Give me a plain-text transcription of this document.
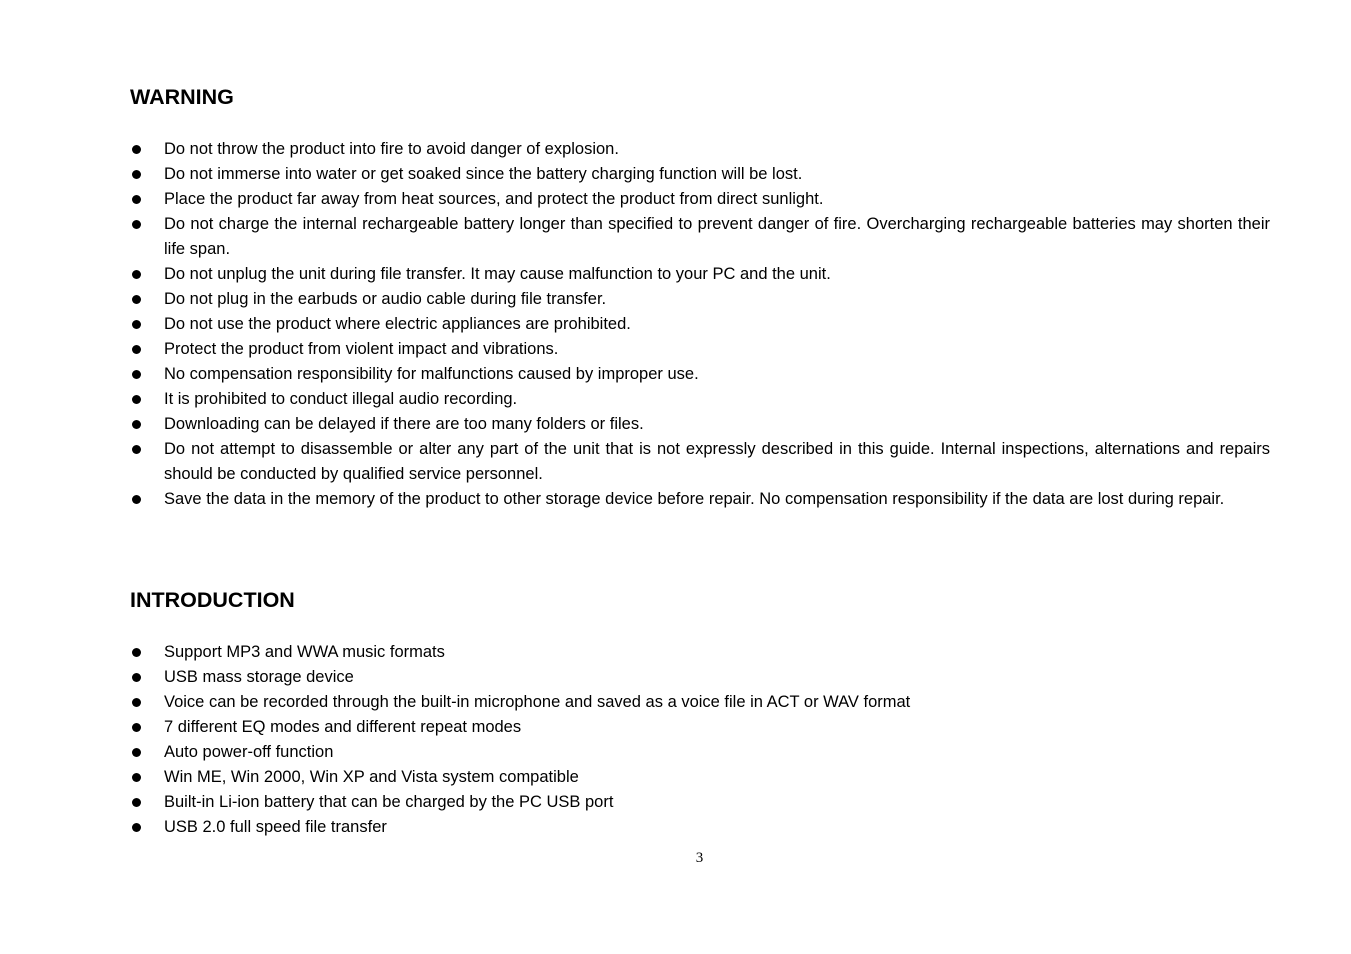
WARNING
Do not throw the product into fire to avoid danger of explosion.
Do not immerse into water or get soaked since the battery charging function will be lost.
Place the product far away from heat sources, and protect the product from direct sunlight.
Do not charge the internal rechargeable battery longer than specified to prevent danger of fire. Overcharging rechargeable batteries may shorten their life span.
Do not unplug the unit during file transfer. It may cause malfunction to your PC and the unit.
Do not plug in the earbuds or audio cable during file transfer.
Do not use the product where electric appliances are prohibited.
Protect the product from violent impact and vibrations.
No compensation responsibility for malfunctions caused by improper use.
It is prohibited to conduct illegal audio recording.
Downloading can be delayed if there are too many folders or files.
Do not attempt to disassemble or alter any part of the unit that is not expressly described in this guide. Internal inspections, alternations and repairs should be conducted by qualified service personnel.
Save the data in the memory of the product to other storage device before repair. No compensation responsibility if the data are lost during repair.
INTRODUCTION
Support MP3 and WWA music formats
USB mass storage device
Voice can be recorded through the built-in microphone and saved as a voice file in ACT or WAV format
7 different EQ modes and different repeat modes
Auto power-off function
Win ME, Win 2000, Win XP and Vista system compatible
Built-in Li-ion battery that can be charged by the PC USB port
USB 2.0 full speed file transfer
3
